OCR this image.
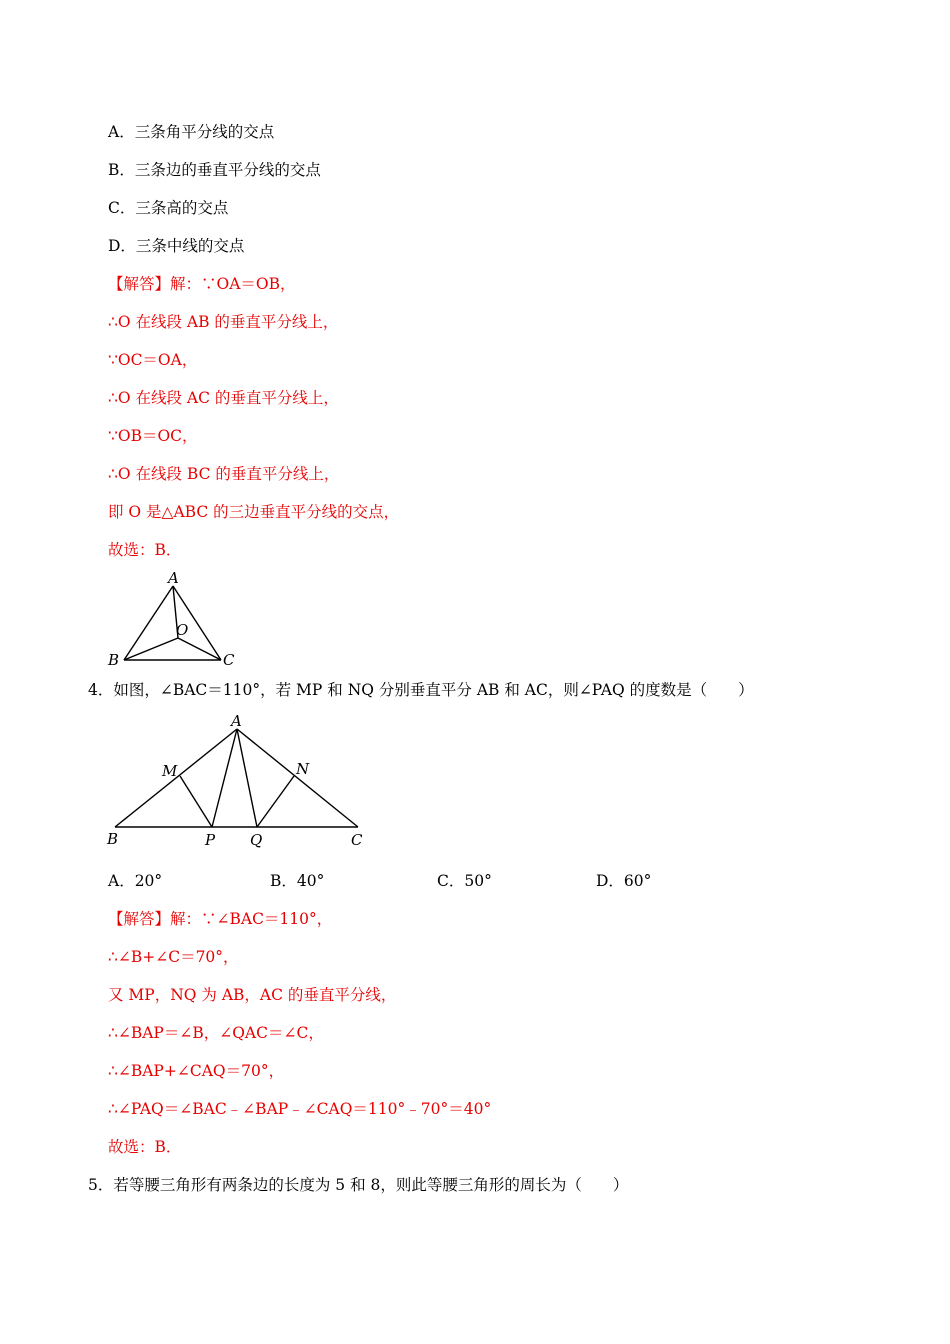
A．三条角平分线的交点
B．三条边的垂直平分线的交点
C．三条高的交点
D．三条中线的交点
【解答】解：∵OA＝OB，
∴O 在线段 AB 的垂直平分线上，
∵OC＝OA，
∴O 在线段 AC 的垂直平分线上，
∵OB＝OC，
∴O 在线段 BC 的垂直平分线上，
即 O 是△ABC 的三边垂直平分线的交点，
故选：B．
A
B	C
O
4．如图，∠BAC＝110°，若 MP 和 NQ 分别垂直平分 AB 和 AC，则∠PAQ 的度数是（　　）
A
M	N
B	P Q	C
A．20°	B．40°	C．50°	D．60°
【解答】解：∵∠BAC＝110°，
∴∠B+∠C＝70°，
又 MP，NQ 为 AB，AC 的垂直平分线，
∴∠BAP＝∠B，∠QAC＝∠C，
∴∠BAP+∠CAQ＝70°，
∴∠PAQ＝∠BAC﹣∠BAP﹣∠CAQ＝110°﹣70°＝40°
故选：B．
5．若等腰三角形有两条边的长度为 5 和 8，则此等腰三角形的周长为（　　）
